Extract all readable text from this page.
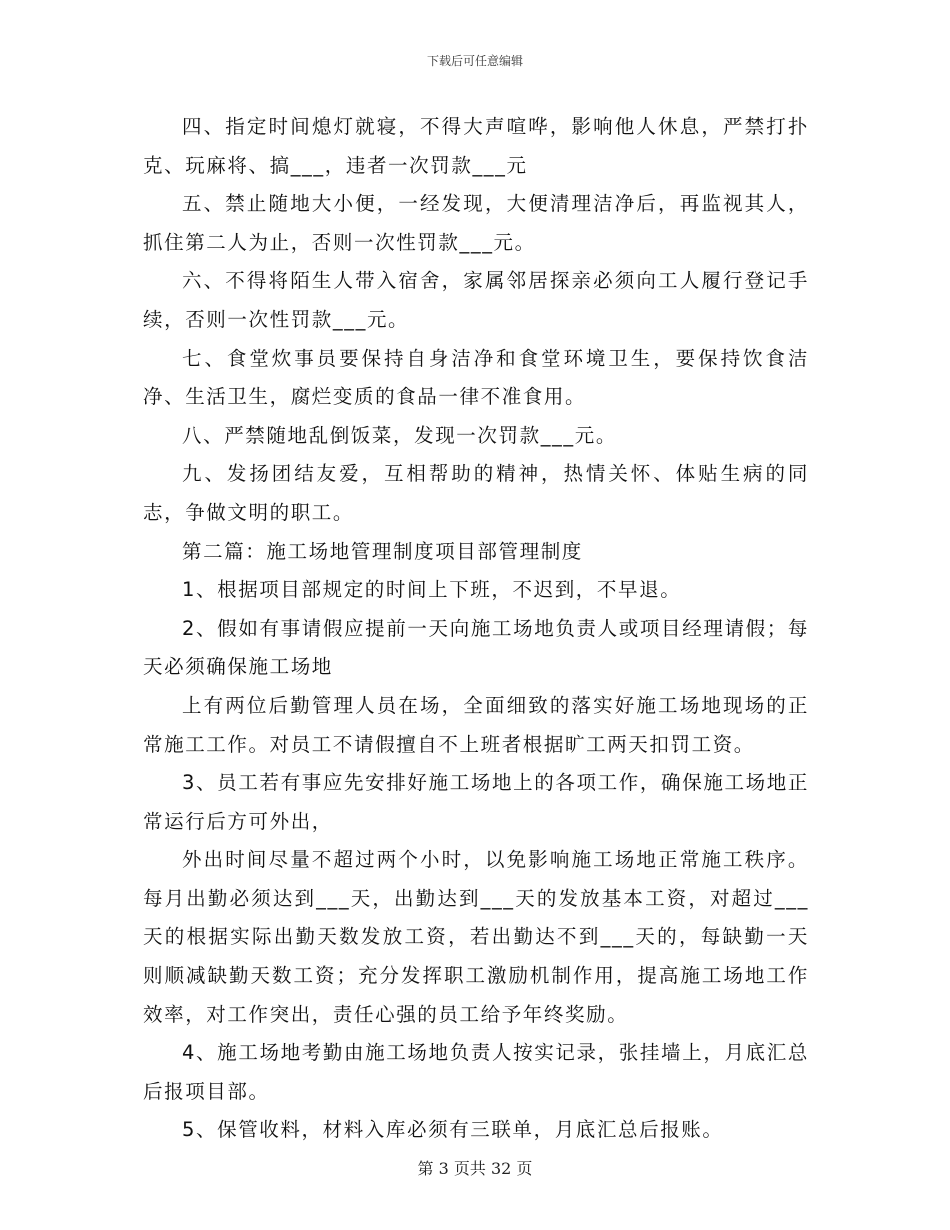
下载后可任意编辑

四、指定时间熄灯就寝，不得大声喧哗，影响他人休息，严禁打扑克、玩麻将、搞___，违者一次罚款___元

五、禁止随地大小便，一经发现，大便清理洁净后，再监视其人，抓住第二人为止，否则一次性罚款___元。

六、不得将陌生人带入宿舍，家属邻居探亲必须向工人履行登记手续，否则一次性罚款___元。

七、食堂炊事员要保持自身洁净和食堂环境卫生，要保持饮食洁净、生活卫生，腐烂变质的食品一律不准食用。

八、严禁随地乱倒饭菜，发现一次罚款___元。

九、发扬团结友爱，互相帮助的精神，热情关怀、体贴生病的同志，争做文明的职工。

第二篇：施工场地管理制度项目部管理制度

1、根据项目部规定的时间上下班，不迟到，不早退。

2、假如有事请假应提前一天向施工场地负责人或项目经理请假；每天必须确保施工场地

上有两位后勤管理人员在场，全面细致的落实好施工场地现场的正常施工工作。对员工不请假擅自不上班者根据旷工两天扣罚工资。

3、员工若有事应先安排好施工场地上的各项工作，确保施工场地正常运行后方可外出，

外出时间尽量不超过两个小时，以免影响施工场地正常施工秩序。每月出勤必须达到___天，出勤达到___天的发放基本工资，对超过___天的根据实际出勤天数发放工资，若出勤达不到___天的，每缺勤一天则顺减缺勤天数工资；充分发挥职工激励机制作用，提高施工场地工作效率，对工作突出，责任心强的员工给予年终奖励。

4、施工场地考勤由施工场地负责人按实记录，张挂墙上，月底汇总后报项目部。

5、保管收料，材料入库必须有三联单，月底汇总后报账。

第 3 页共 32 页
